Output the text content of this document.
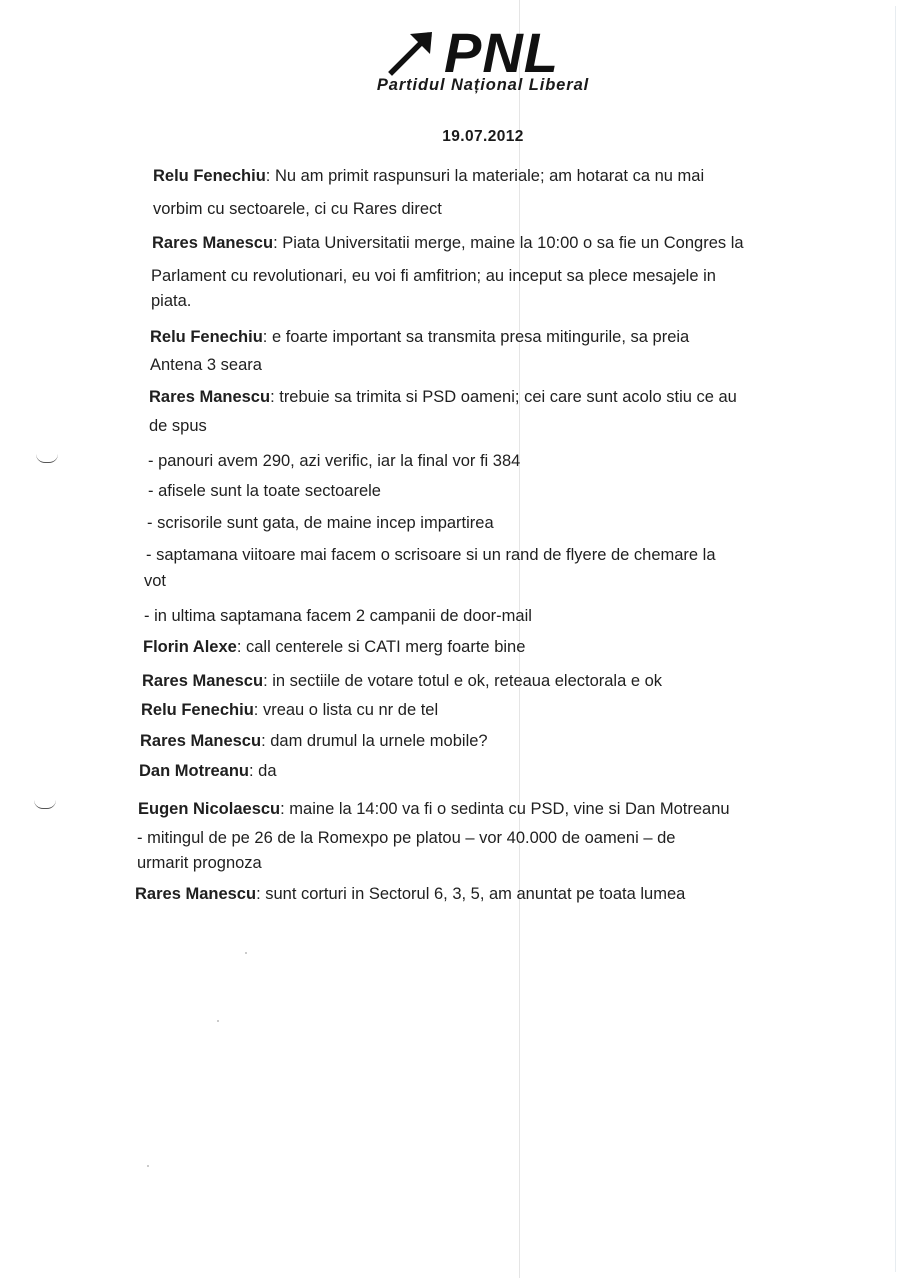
PNL
Partidul Național Liberal
19.07.2012
Relu Fenechiu: Nu am primit raspunsuri la materiale; am hotarat ca nu mai
vorbim cu sectoarele, ci cu Rares direct
Rares Manescu: Piata Universitatii merge, maine la 10:00 o sa fie un Congres la
Parlament cu revolutionari, eu voi fi amfitrion; au inceput sa plece mesajele in
piata.
Relu Fenechiu: e foarte important sa transmita presa mitingurile, sa preia
Antena 3 seara
Rares Manescu: trebuie sa trimita si PSD oameni; cei care sunt acolo stiu ce au
de spus
- panouri avem 290, azi verific, iar la final vor fi 384
- afisele sunt la toate sectoarele
- scrisorile sunt gata, de maine incep impartirea
- saptamana viitoare mai facem o scrisoare si un rand de flyere de chemare la
vot
- in ultima saptamana facem 2 campanii de door-mail
Florin Alexe: call centerele si CATI merg foarte bine
Rares Manescu: in sectiile de votare totul e ok, reteaua electorala e ok
Relu Fenechiu: vreau o lista cu nr de tel
Rares Manescu: dam drumul la urnele mobile?
Dan Motreanu: da
Eugen Nicolaescu: maine la 14:00 va fi o sedinta cu PSD, vine si Dan Motreanu
- mitingul de pe 26 de la Romexpo pe platou – vor 40.000 de oameni – de
urmarit prognoza
Rares Manescu: sunt corturi in Sectorul 6, 3, 5, am anuntat pe toata lumea
